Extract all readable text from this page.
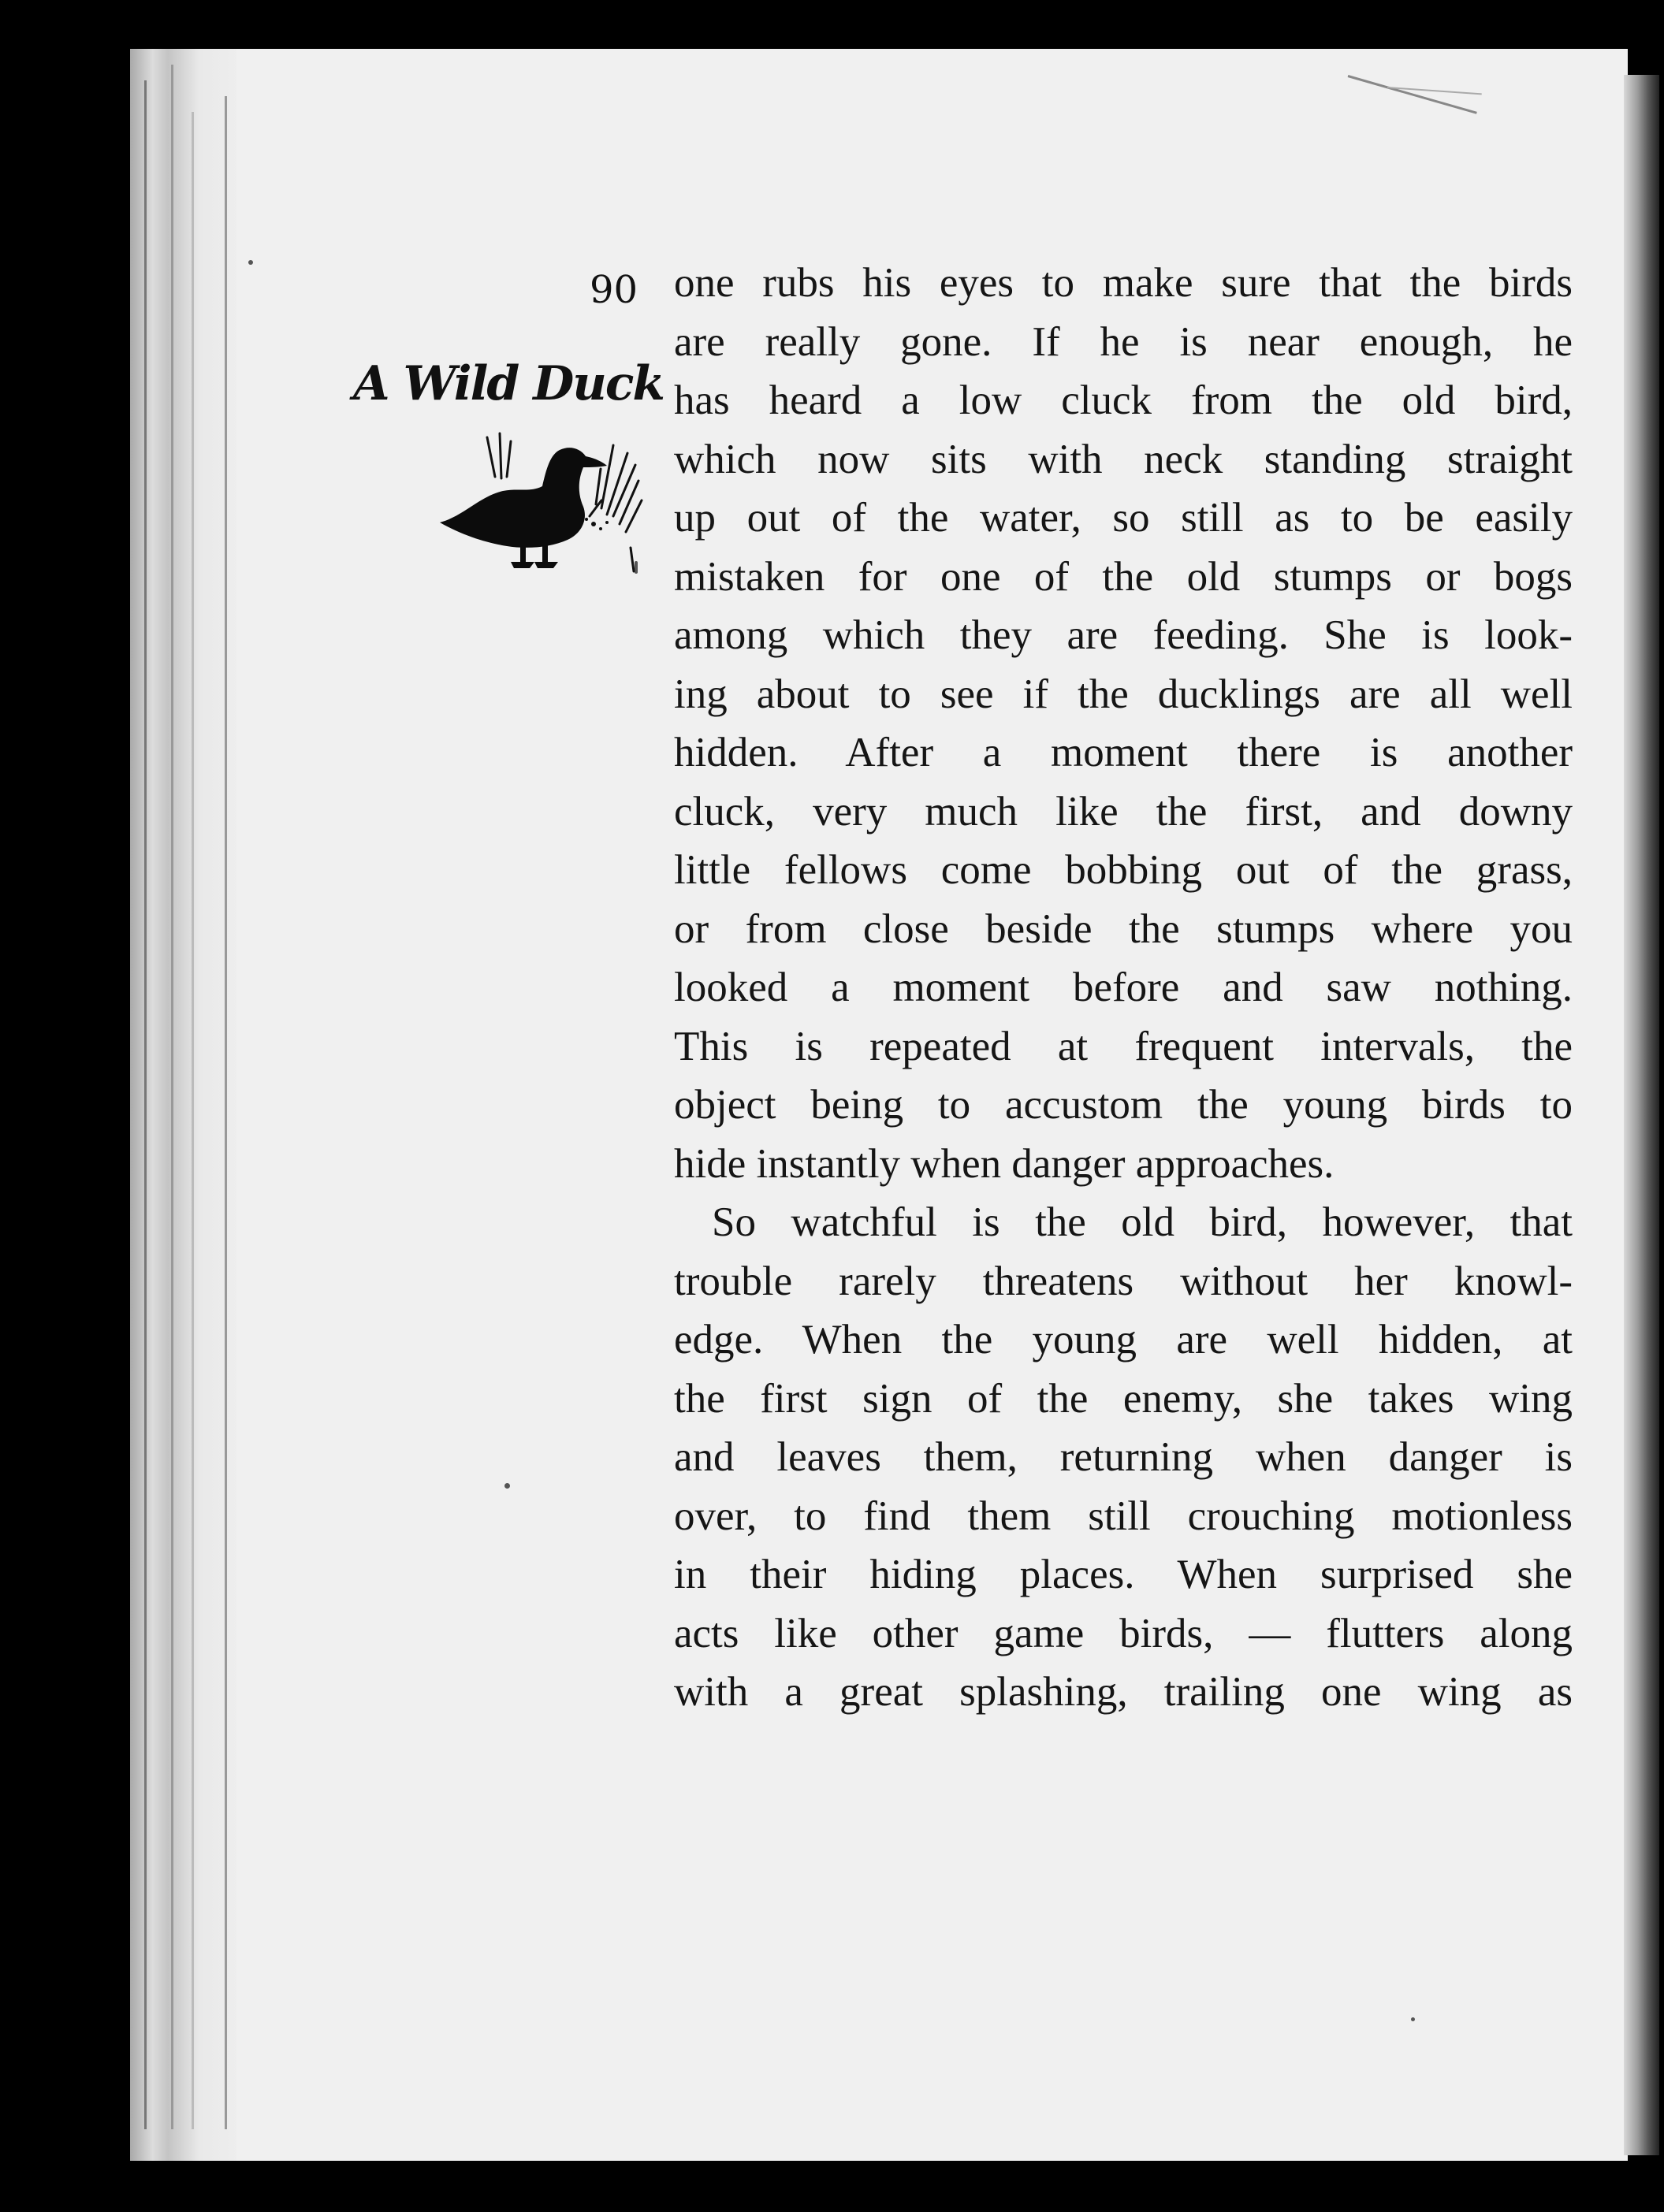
90
A Wild Duck
one rubs his eyes to make sure that the birds
are really gone. If he is near enough, he
has heard a low cluck from the old bird,
which now sits with neck standing straight
up out of the water, so still as to be easily
mistaken for one of the old stumps or bogs
among which they are feeding. She is look-
ing about to see if the ducklings are all well
hidden. After a moment there is another
cluck, very much like the first, and downy
little fellows come bobbing out of the grass,
or from close beside the stumps where you
looked a moment before and saw nothing.
This is repeated at frequent intervals, the
object being to accustom the young birds to
hide instantly when danger approaches.
So watchful is the old bird, however, that
trouble rarely threatens without her knowl-
edge. When the young are well hidden, at
the first sign of the enemy, she takes wing
and leaves them, returning when danger is
over, to find them still crouching motionless
in their hiding places. When surprised she
acts like other game birds, — flutters along
with a great splashing, trailing one wing as
